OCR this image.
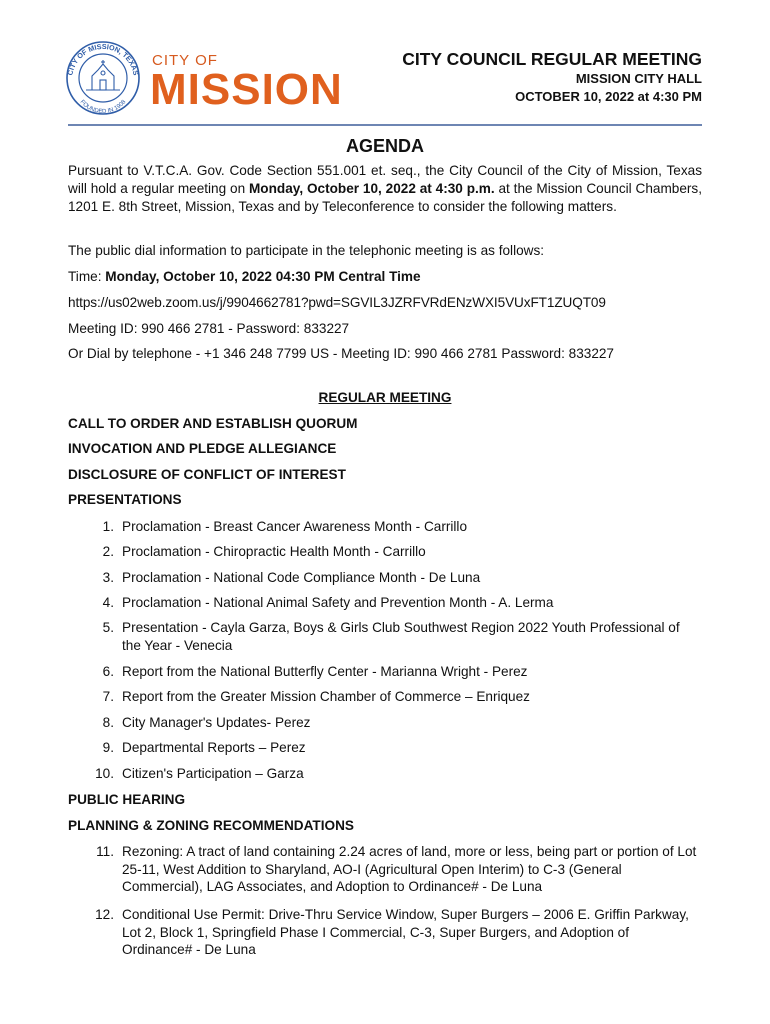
CITY OF MISSION, TEXAS
FOUNDED IN 1908
CITY OF
MISSION
CITY COUNCIL REGULAR MEETING
MISSION CITY HALL
OCTOBER 10, 2022 at 4:30 PM
AGENDA
Pursuant to V.T.C.A. Gov. Code Section 551.001 et. seq., the City Council of the City of Mission, Texas will hold a regular meeting on Monday, October 10, 2022 at 4:30 p.m. at the Mission Council Chambers, 1201 E. 8th Street, Mission, Texas and by Teleconference to consider the following matters.
The public dial information to participate in the telephonic meeting is as follows:
Time: Monday, October 10, 2022 04:30 PM Central Time
https://us02web.zoom.us/j/9904662781?pwd=SGVIL3JZRFVRdENzWXI5VUxFT1ZUQT09
Meeting ID: 990 466 2781 - Password: 833227
Or Dial by telephone - +1 346 248 7799 US - Meeting ID: 990 466 2781 Password: 833227
REGULAR MEETING
CALL TO ORDER AND ESTABLISH QUORUM
INVOCATION AND PLEDGE ALLEGIANCE
DISCLOSURE OF CONFLICT OF INTEREST
PRESENTATIONS
1. Proclamation - Breast Cancer Awareness Month - Carrillo
2. Proclamation - Chiropractic Health Month - Carrillo
3. Proclamation - National Code Compliance Month - De Luna
4. Proclamation - National Animal Safety and Prevention Month - A. Lerma
5. Presentation - Cayla Garza, Boys & Girls Club Southwest Region 2022 Youth Professional of the Year - Venecia
6. Report from the National Butterfly Center - Marianna Wright - Perez
7. Report from the Greater Mission Chamber of Commerce – Enriquez
8. City Manager's Updates- Perez
9. Departmental Reports – Perez
10. Citizen's Participation – Garza
PUBLIC HEARING
PLANNING & ZONING RECOMMENDATIONS
11. Rezoning: A tract of land containing 2.24 acres of land, more or less, being part or portion of Lot 25-11, West Addition to Sharyland, AO-I (Agricultural Open Interim) to C-3 (General Commercial), LAG Associates, and Adoption to Ordinance# - De Luna
12. Conditional Use Permit: Drive-Thru Service Window, Super Burgers – 2006 E. Griffin Parkway, Lot 2, Block 1, Springfield Phase I Commercial, C-3, Super Burgers, and Adoption of Ordinance# - De Luna
